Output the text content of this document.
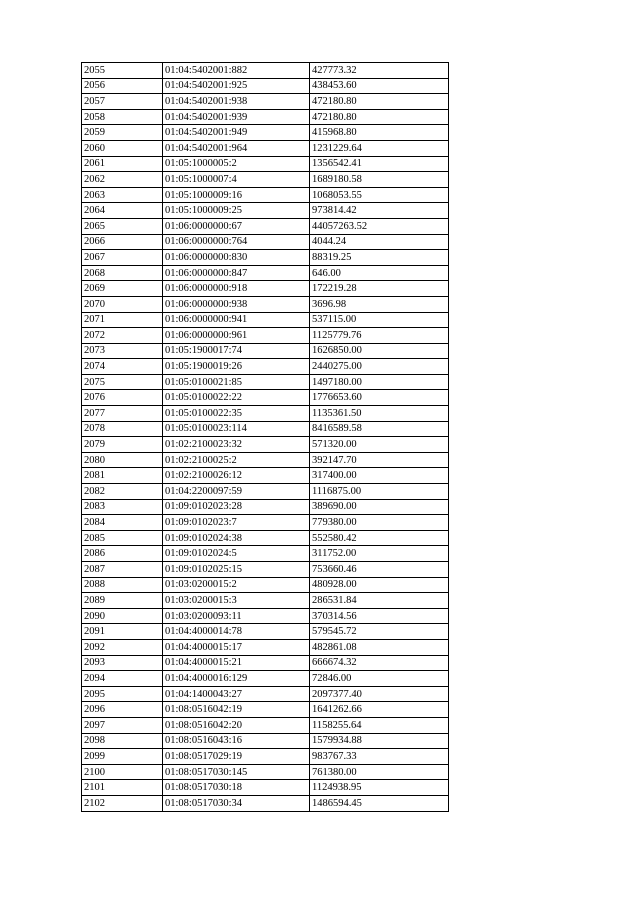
2055	01:04:5402001:882	427773.32
2056	01:04:5402001:925	438453.60
2057	01:04:5402001:938	472180.80
2058	01:04:5402001:939	472180.80
2059	01:04:5402001:949	415968.80
2060	01:04:5402001:964	1231229.64
2061	01:05:1000005:2	1356542.41
2062	01:05:1000007:4	1689180.58
2063	01:05:1000009:16	1068053.55
2064	01:05:1000009:25	973814.42
2065	01:06:0000000:67	44057263.52
2066	01:06:0000000:764	4044.24
2067	01:06:0000000:830	88319.25
2068	01:06:0000000:847	646.00
2069	01:06:0000000:918	172219.28
2070	01:06:0000000:938	3696.98
2071	01:06:0000000:941	537115.00
2072	01:06:0000000:961	1125779.76
2073	01:05:1900017:74	1626850.00
2074	01:05:1900019:26	2440275.00
2075	01:05:0100021:85	1497180.00
2076	01:05:0100022:22	1776653.60
2077	01:05:0100022:35	1135361.50
2078	01:05:0100023:114	8416589.58
2079	01:02:2100023:32	571320.00
2080	01:02:2100025:2	392147.70
2081	01:02:2100026:12	317400.00
2082	01:04:2200097:59	1116875.00
2083	01:09:0102023:28	389690.00
2084	01:09:0102023:7	779380.00
2085	01:09:0102024:38	552580.42
2086	01:09:0102024:5	311752.00
2087	01:09:0102025:15	753660.46
2088	01:03:0200015:2	480928.00
2089	01:03:0200015:3	286531.84
2090	01:03:0200093:11	370314.56
2091	01:04:4000014:78	579545.72
2092	01:04:4000015:17	482861.08
2093	01:04:4000015:21	666674.32
2094	01:04:4000016:129	72846.00
2095	01:04:1400043:27	2097377.40
2096	01:08:0516042:19	1641262.66
2097	01:08:0516042:20	1158255.64
2098	01:08:0516043:16	1579934.88
2099	01:08:0517029:19	983767.33
2100	01:08:0517030:145	761380.00
2101	01:08:0517030:18	1124938.95
2102	01:08:0517030:34	1486594.45
